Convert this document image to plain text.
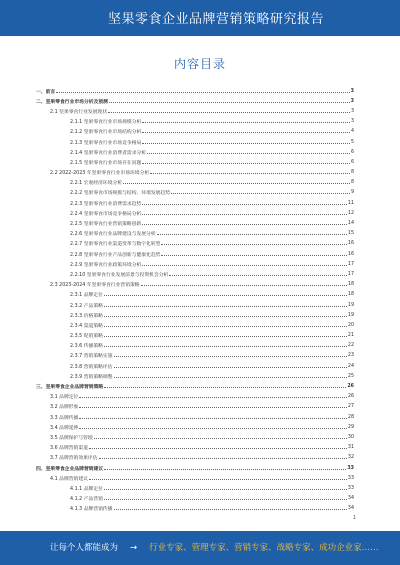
坚果零食企业品牌营销策略研究报告
内容目录
一、前言	3
二、坚果零食行业市场分析及预测	3
2.1 坚果零食行业发展现状	3
2.1.1 坚果零食行业市场规模分析	3
2.1.2 坚果零食行业市场结构分析	4
2.1.3 坚果零食行业市场竞争格局	5
2.1.4 坚果零食行业消费者需求分析	6
2.1.5 坚果零食行业市场存在问题	6
2.2 2022-2023 年坚果零食行业市场环境分析	8
2.2.1 宏观经济环境分析	8
2.2.2 坚果零食市场规模与结构、环境发展趋势	9
2.2.3 坚果零食行业消费需求趋势	11
2.2.4 坚果零食市场竞争格局分析	12
2.2.5 坚果零食行业营销策略创新	14
2.2.6 坚果零食行业品牌建设与发展分析	15
2.2.7 坚果零食行业渠道变革与数字化转型	16
2.2.8 坚果零食行业产品创新与健康化趋势	16
2.2.9 坚果零食行业政策环境分析	17
2.2.10 坚果零食行业发展前景与投资机会分析	17
2.3 2023-2024 年坚果零食行业营销策略	18
2.3.1 品牌定位	18
2.3.2 产品策略	19
2.3.3 价格策略	19
2.3.4 渠道策略	20
2.3.5 促销策略	21
2.3.6 传播策略	22
2.3.7 营销策略实施	23
2.3.8 营销策略评估	24
2.3.9 营销策略调整	25
三、坚果零食企业品牌营销策略	26
3.1 品牌定位	26
3.2 品牌形象	27
3.3 品牌传播	28
3.4 品牌延伸	29
3.5 品牌保护与管理	30
3.6 品牌营销渠道	31
3.7 品牌营销效果评估	32
四、坚果零食企业品牌营销建议	33
4.1 品牌营销建议	33
4.1.1 品牌定位	33
4.1.2 产品营销	34
4.1.3 品牌营销传播	34
1
让每个人都能成为 → 行业专家、管理专家、营销专家、战略专家、成功企业家……
